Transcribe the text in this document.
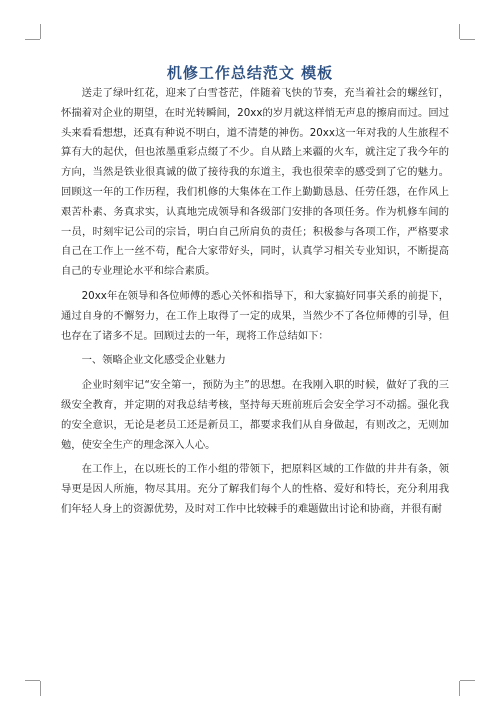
机修工作总结范文 模板

送走了绿叶红花，迎来了白雪苍茫，伴随着飞快的节奏，充当着社会的螺丝钉，怀揣着对企业的期望，在时光转瞬间，20xx的岁月就这样悄无声息的擦肩而过。回过头来看看想想，还真有种说不明白，道不清楚的神伤。20xx这一年对我的人生旅程不算有大的起伏，但也浓墨重彩点缀了不少。自从踏上来疆的火车，就注定了我今年的方向，当然是铁业很真诚的做了接待我的东道主，我也很荣幸的感受到了它的魅力。回顾这一年的工作历程，我们机修的大集体在工作上勤勤恳恳、任劳任怨，在作风上艰苦朴素、务真求实，认真地完成领导和各级部门安排的各项任务。作为机修车间的一员，时刻牢记公司的宗旨，明白自己所肩负的责任；积极参与各项工作，严格要求自己在工作上一丝不苟，配合大家带好头，同时，认真学习相关专业知识，不断提高自己的专业理论水平和综合素质。

20xx年在领导和各位师傅的悉心关怀和指导下，和大家搞好同事关系的前提下，通过自身的不懈努力，在工作上取得了一定的成果，当然少不了各位师傅的引导，但也存在了诸多不足。回顾过去的一年，现将工作总结如下：

一、领略企业文化感受企业魅力

企业时刻牢记“安全第一，预防为主”的思想。在我刚入职的时候，做好了我的三级安全教育，并定期的对我总结考核，坚持每天班前班后会安全学习不动摇。强化我的安全意识，无论是老员工还是新员工，都要求我们从自身做起，有则改之，无则加勉，使安全生产的理念深入人心。

在工作上，在以班长的工作小组的带领下，把原料区域的工作做的井井有条，领导更是因人所施，物尽其用。充分了解我们每个人的性格、爱好和特长，充分利用我们年轻人身上的资源优势，及时对工作中比较棘手的难题做出讨论和协商，并很有耐
